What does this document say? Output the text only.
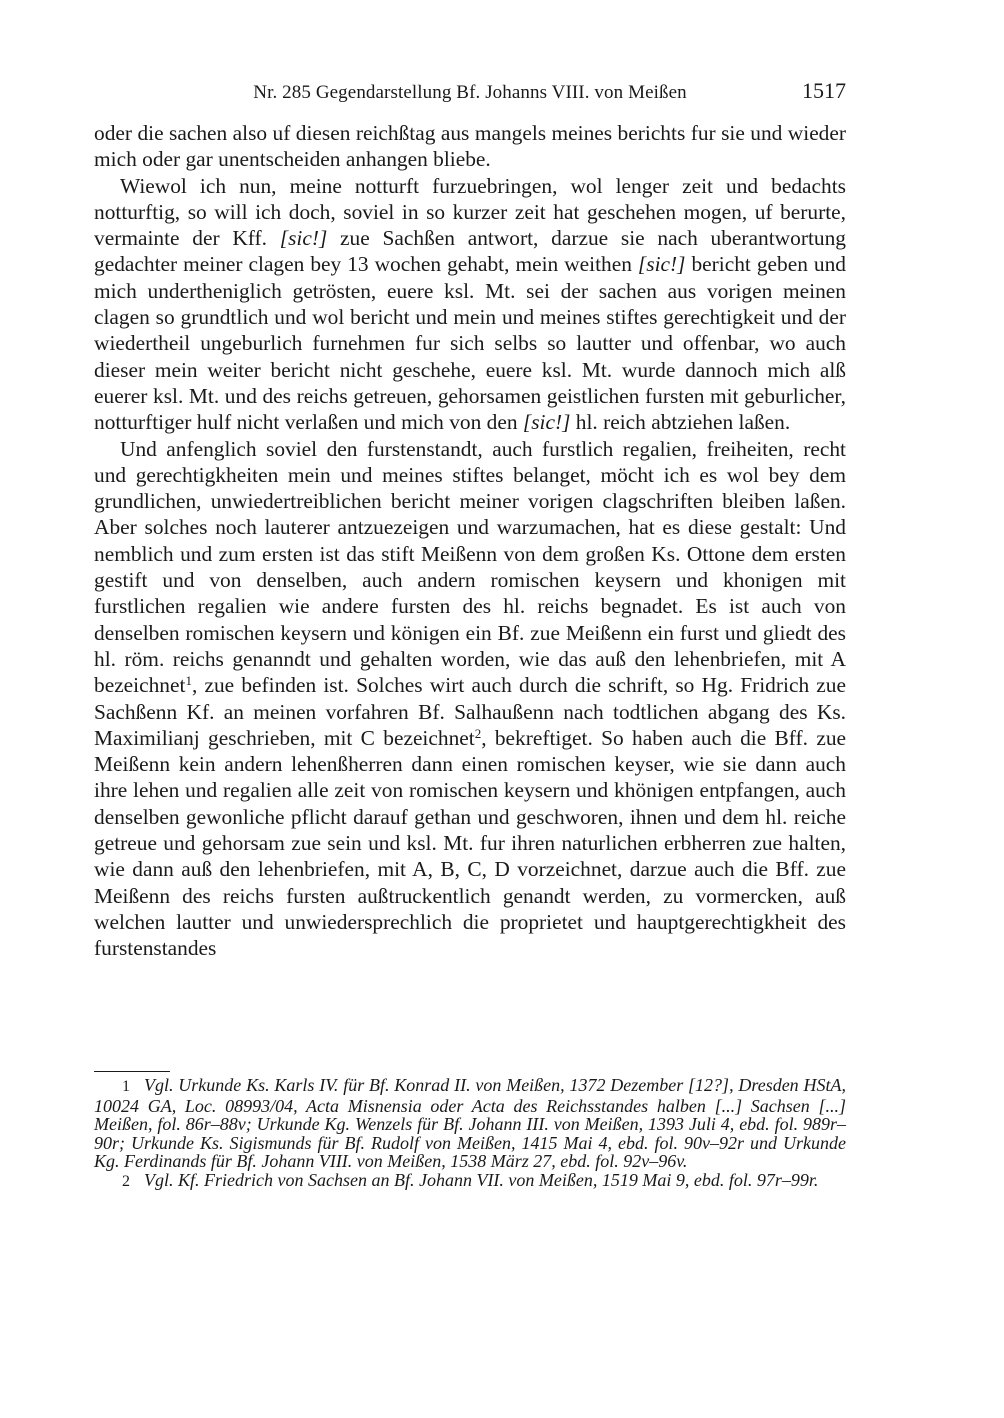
Nr. 285 Gegendarstellung Bf. Johanns VIII. von Meißen	1517

oder die sachen also uf diesen reichßtag aus mangels meines berichts fur sie und wieder mich oder gar unentscheiden anhangen bliebe.

Wiewol ich nun, meine notturft furzuebringen, wol lenger zeit und bedachts notturftig, so will ich doch, soviel in so kurzer zeit hat geschehen mogen, uf berurte, vermainte der Kff. [sic!] zue Sachßen antwort, darzue sie nach uberantwortung gedachter meiner clagen bey 13 wochen gehabt, mein weithen [sic!] bericht geben und mich undertheniglich getrösten, euere ksl. Mt. sei der sachen aus vorigen meinen clagen so grundtlich und wol bericht und mein und meines stiftes gerechtigkeit und der wiedertheil ungeburlich furnehmen fur sich selbs so lautter und offenbar, wo auch dieser mein weiter bericht nicht geschehe, euere ksl. Mt. wurde dannoch mich alß euerer ksl. Mt. und des reichs getreuen, gehorsamen geistlichen fursten mit geburlicher, notturftiger hulf nicht verlaßen und mich von den [sic!] hl. reich abtziehen laßen.

Und anfenglich soviel den furstenstandt, auch furstlich regalien, freiheiten, recht und gerechtigkheiten mein und meines stiftes belanget, möcht ich es wol bey dem grundlichen, unwiedertreiblichen bericht meiner vorigen clagschriften bleiben laßen. Aber solches noch lauterer antzuezeigen und warzumachen, hat es diese gestalt: Und nemblich und zum ersten ist das stift Meißenn von dem großen Ks. Ottone dem ersten gestift und von denselben, auch andern romischen keysern und khonigen mit furstlichen regalien wie andere fursten des hl. reichs begnadet. Es ist auch von denselben romischen keysern und königen ein Bf. zue Meißenn ein furst und gliedt des hl. röm. reichs genanndt und gehalten worden, wie das auß den lehenbriefen, mit A bezeichnet$^1$, zue befinden ist. Solches wirt auch durch die schrift, so Hg. Fridrich zue Sachßenn Kf. an meinen vorfahren Bf. Salhaußenn nach todtlichen abgang des Ks. Maximilianj geschrieben, mit C bezeichnet$^2$, bekreftiget. So haben auch die Bff. zue Meißenn kein andern lehenßherren dann einen romischen keyser, wie sie dann auch ihre lehen und regalien alle zeit von romischen keysern und khönigen entpfangen, auch denselben gewonliche pflicht darauf gethan und geschworen, ihnen und dem hl. reiche getreue und gehorsam zue sein und ksl. Mt. fur ihren naturlichen erbherren zue halten, wie dann auß den lehenbriefen, mit A, B, C, D vorzeichnet, darzue auch die Bff. zue Meißenn des reichs fursten außtruckentlich genandt werden, zu vormercken, auß welchen lautter und unwiedersprechlich die proprietet und hauptgerechtigkheit des furstenstandes

1 Vgl. Urkunde Ks. Karls IV. für Bf. Konrad II. von Meißen, 1372 Dezember [12?], Dresden HStA, 10024 GA, Loc. 08993/04, Acta Misnensia oder Acta des Reichsstandes halben [...] Sachsen [...] Meißen, fol. 86r–88v; Urkunde Kg. Wenzels für Bf. Johann III. von Meißen, 1393 Juli 4, ebd. fol. 989r–90r; Urkunde Ks. Sigismunds für Bf. Rudolf von Meißen, 1415 Mai 4, ebd. fol. 90v–92r und Urkunde Kg. Ferdinands für Bf. Johann VIII. von Meißen, 1538 März 27, ebd. fol. 92v–96v.

2 Vgl. Kf. Friedrich von Sachsen an Bf. Johann VII. von Meißen, 1519 Mai 9, ebd. fol. 97r–99r.
